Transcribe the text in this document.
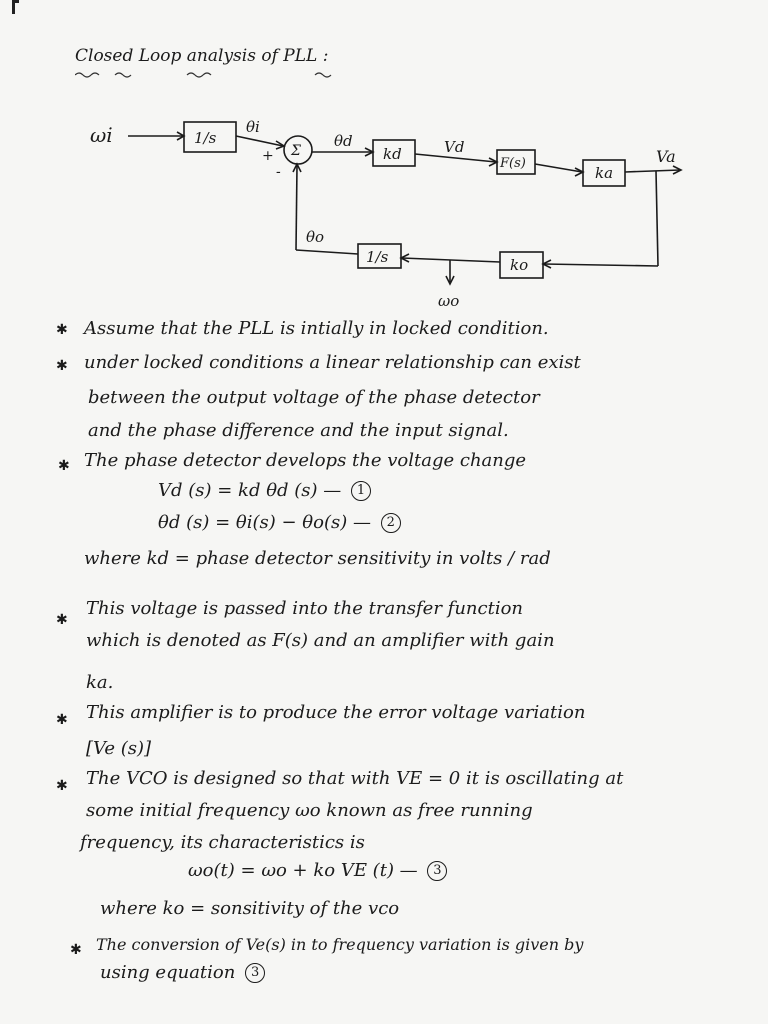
Closed Loop analysis of PLL :
ωi	1/s
θi
+
-
Σ
θd
kd	Vd
F(s)
ka
Va
θo
1/s	ko
ωo
✱ Assume that the PLL is intially in locked condition.
✱ under locked conditions a linear relationship can exist
between the output voltage of the phase detector
and the phase difference and the input signal.
✱ The phase detector develops the voltage change
Vd (s) = kd θd (s) — 1
θd (s) = θi(s) − θo(s) — 2
where kd = phase detector sensitivity in volts / rad
✱
This voltage is passed into the transfer function
which is denoted as F(s) and an amplifier with gain
ka.
✱ This amplifier is to produce the error voltage variation
[Ve (s)]
✱ The VCO is designed so that with VE = 0 it is oscillating at
some initial frequency ωo known as free running
frequency, its characteristics is
ωo(t) = ωo + ko VE (t) — 3
where ko = sonsitivity of the vco
✱ The conversion of Ve(s) in to frequency variation is given by
using equation 3
